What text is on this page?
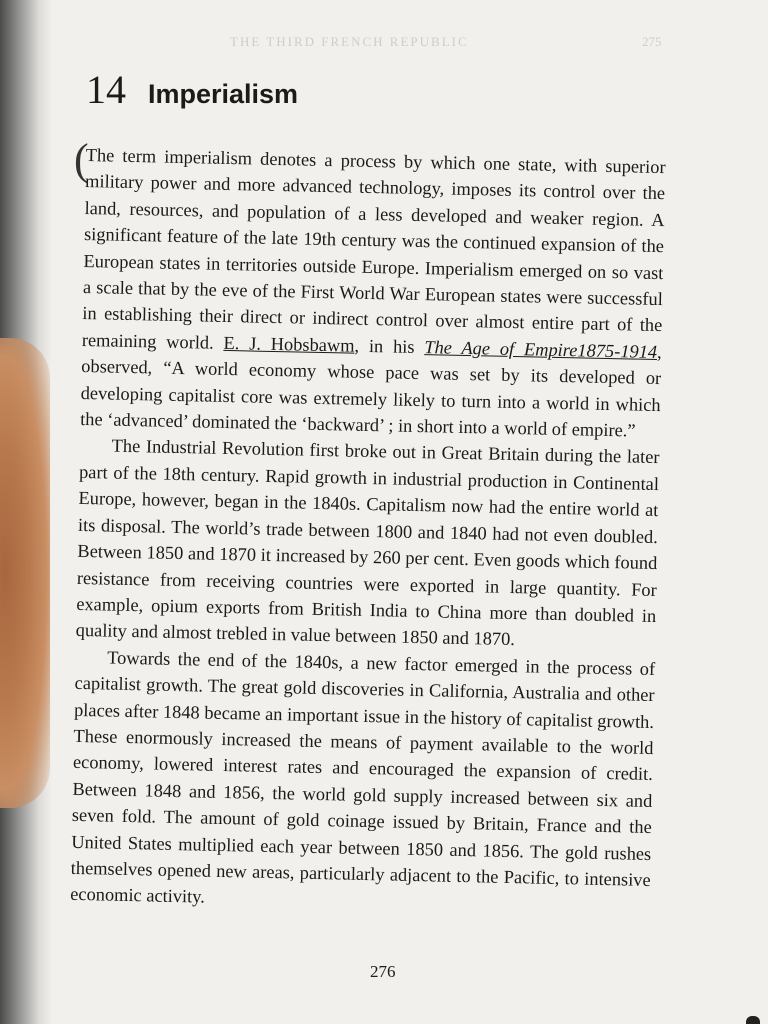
THE THIRD FRENCH REPUBLIC	275
14 Imperialism
(

The term imperialism denotes a process by which one state, with superior military power and more advanced technology, imposes its control over the land, resources, and population of a less developed and weaker region. A significant feature of the late 19th century was the continued expansion of the European states in territories outside Europe. Imperialism emerged on so vast a scale that by the eve of the First World War European states were successful in establishing their direct or indirect control over almost entire part of the remaining world. E. J. Hobsbawm, in his The Age of Empire1875-1914, observed, “A world economy whose pace was set by its developed or developing capitalist core was extremely likely to turn into a world in which the ‘advanced’ dominated the ‘backward’ ; in short into a world of empire.”

The Industrial Revolution first broke out in Great Britain during the later part of the 18th century. Rapid growth in industrial production in Continental Europe, however, began in the 1840s. Capitalism now had the entire world at its disposal. The world’s trade between 1800 and 1840 had not even doubled. Between 1850 and 1870 it increased by 260 per cent. Even goods which found resistance from receiving countries were exported in large quantity. For example, opium exports from British India to China more than doubled in quality and almost trebled in value between 1850 and 1870.

Towards the end of the 1840s, a new factor emerged in the process of capitalist growth. The great gold discoveries in California, Australia and other places after 1848 became an important issue in the history of capitalist growth. These enormously increased the means of payment available to the world economy, lowered interest rates and encouraged the expansion of credit. Between 1848 and 1856, the world gold supply increased between six and seven fold. The amount of gold coinage issued by Britain, France and the United States multiplied each year between 1850 and 1856. The gold rushes themselves opened new areas, particularly adjacent to the Pacific, to intensive economic activity.

276
